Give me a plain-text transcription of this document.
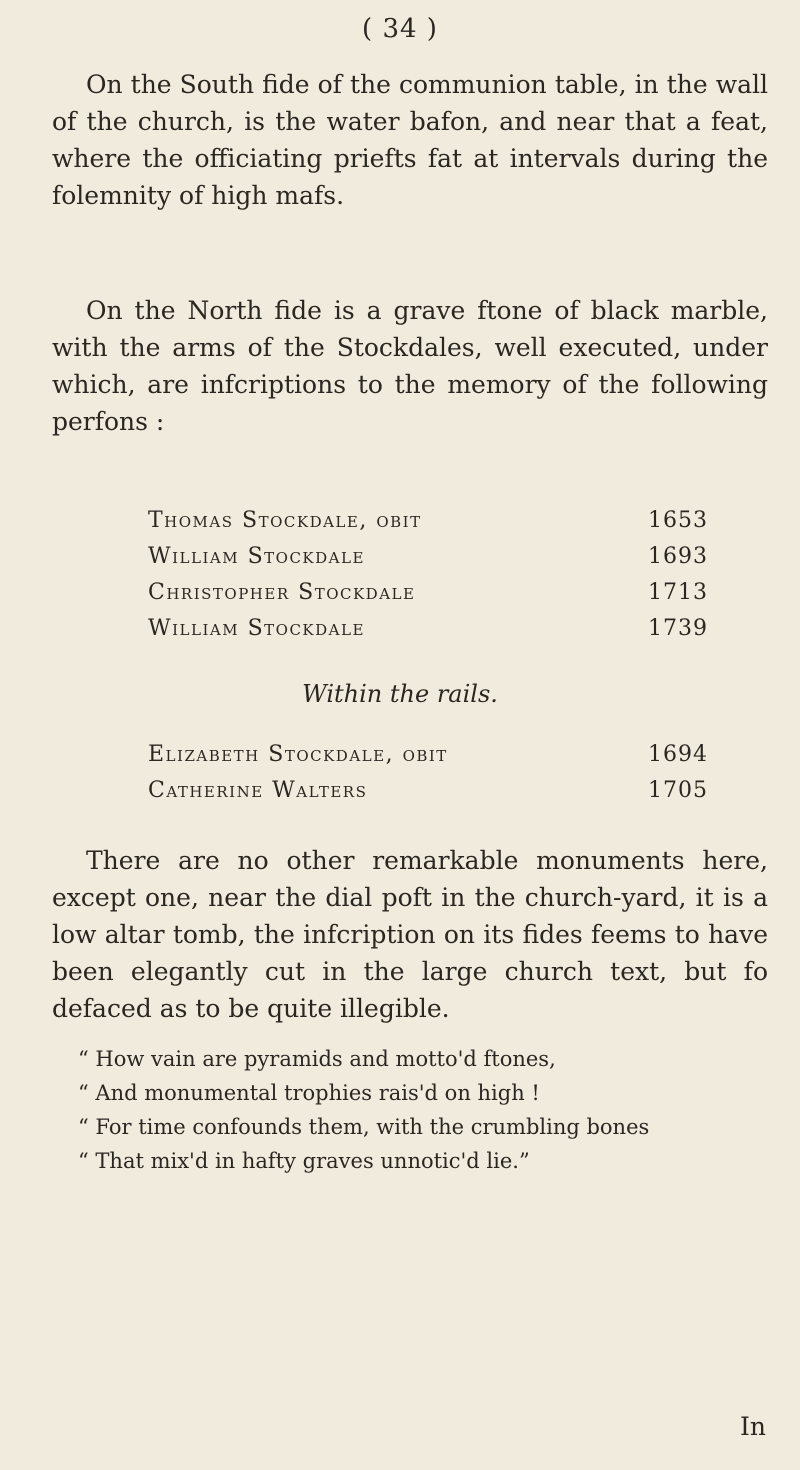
( 34 )

On the South fide of the communion table, in the wall of the church, is the water bafon, and near that a feat, where the officiating priefts fat at intervals during the folemnity of high mafs.

On the North fide is a grave ftone of black marble, with the arms of the Stockdales, well executed, under which, are infcriptions to the memory of the following perfons :

Thomas Stockdale, obit	1653
William Stockdale	1693
Christopher Stockdale	1713
William Stockdale	1739
Within the rails.
Elizabeth Stockdale, obit	1694
Catherine Walters	1705

There are no other remarkable monuments here, except one, near the dial poft in the church-yard, it is a low altar tomb, the infcription on its fides feems to have been elegantly cut in the large church text, but fo defaced as to be quite illegible.

“ How vain are pyramids and motto'd ftones,
“ And monumental trophies rais'd on high !
“ For time confounds them, with the crumbling bones
“ That mix'd in hafty graves unnotic'd lie.”
In
